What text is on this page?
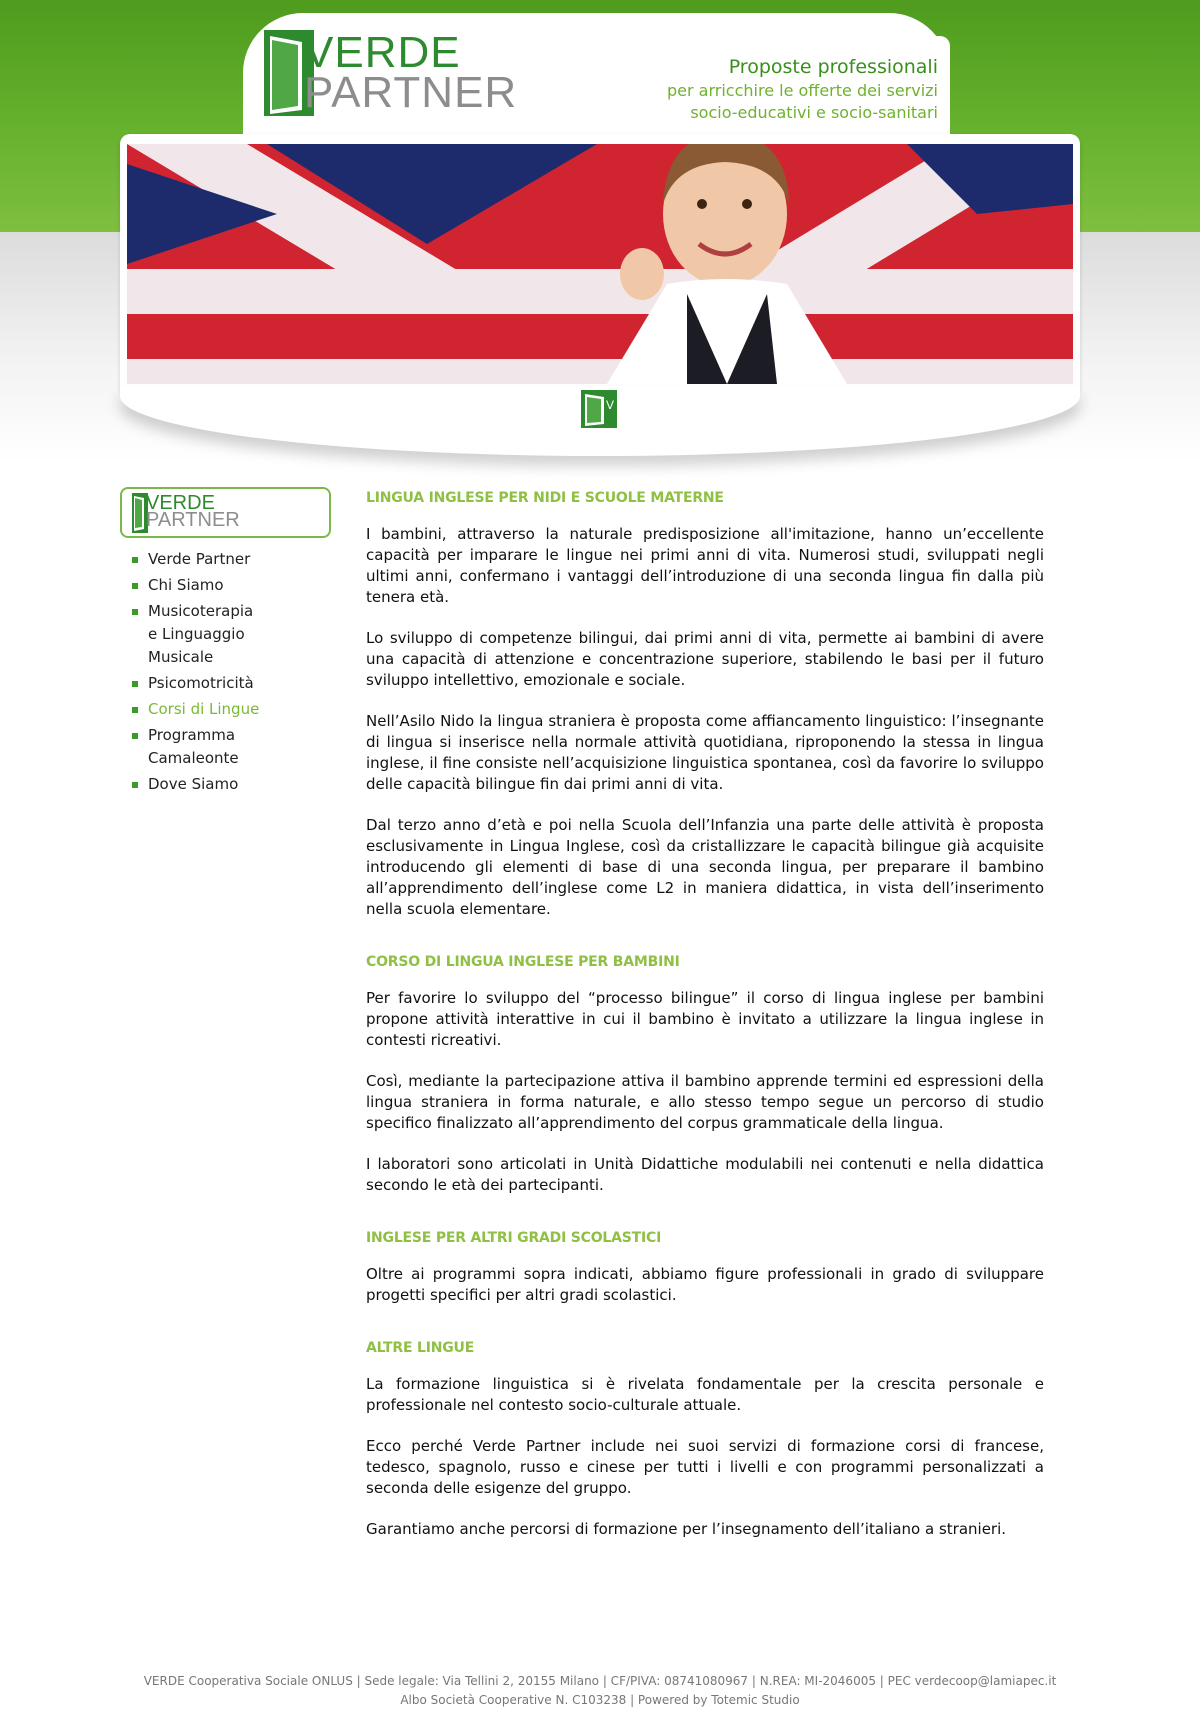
VERDE
PARTNER
Proposte professionali
per arricchire le offerte dei servizi
socio-educativi e socio-sanitari
V
VERDE
PARTNER
Verde Partner
Chi Siamo
Musicoterapia e Linguaggio Musicale
Psicomotricità
Corsi di Lingue
Programma Camaleonte
Dove Siamo
LINGUA INGLESE PER NIDI E SCUOLE MATERNE

I bambini, attraverso la naturale predisposizione all'imitazione, hanno un’eccellente capacità per imparare le lingue nei primi anni di vita. Numerosi studi, sviluppati negli ultimi anni, confermano i vantaggi dell’introduzione di una seconda lingua fin dalla più tenera età.

Lo sviluppo di competenze bilingui, dai primi anni di vita, permette ai bambini di avere una capacità di attenzione e concentrazione superiore, stabilendo le basi per il futuro sviluppo intellettivo, emozionale e sociale.

Nell’Asilo Nido la lingua straniera è proposta come affiancamento linguistico: l’insegnante di lingua si inserisce nella normale attività quotidiana, riproponendo la stessa in lingua inglese, il fine consiste nell’acquisizione linguistica spontanea, così da favorire lo sviluppo delle capacità bilingue fin dai primi anni di vita.

Dal terzo anno d’età e poi nella Scuola dell’Infanzia una parte delle attività è proposta esclusivamente in Lingua Inglese, così da cristallizzare le capacità bilingue già acquisite introducendo gli elementi di base di una seconda lingua, per preparare il bambino all’apprendimento dell’inglese come L2 in maniera didattica, in vista dell’inserimento nella scuola elementare.

CORSO DI LINGUA INGLESE PER BAMBINI

Per favorire lo sviluppo del “processo bilingue” il corso di lingua inglese per bambini propone attività interattive in cui il bambino è invitato a utilizzare la lingua inglese in contesti ricreativi.

Così, mediante la partecipazione attiva il bambino apprende termini ed espressioni della lingua straniera in forma naturale, e allo stesso tempo segue un percorso di studio specifico finalizzato all’apprendimento del corpus grammaticale della lingua.

I laboratori sono articolati in Unità Didattiche modulabili nei contenuti e nella didattica secondo le età dei partecipanti.

INGLESE PER ALTRI GRADI SCOLASTICI

Oltre ai programmi sopra indicati, abbiamo figure professionali in grado di sviluppare progetti specifici per altri gradi scolastici.

ALTRE LINGUE

La formazione linguistica si è rivelata fondamentale per la crescita personale e professionale nel contesto socio-culturale attuale.

Ecco perché Verde Partner include nei suoi servizi di formazione corsi di francese, tedesco, spagnolo, russo e cinese per tutti i livelli e con programmi personalizzati a seconda delle esigenze del gruppo.

Garantiamo anche percorsi di formazione per l’insegnamento dell’italiano a stranieri.

VERDE Cooperativa Sociale ONLUS | Sede legale: Via Tellini 2, 20155 Milano | CF/PIVA: 08741080967 | N.REA: MI-2046005 | PEC verdecoop@lamiapec.it
Albo Società Cooperative N. C103238 | Powered by Totemic Studio
